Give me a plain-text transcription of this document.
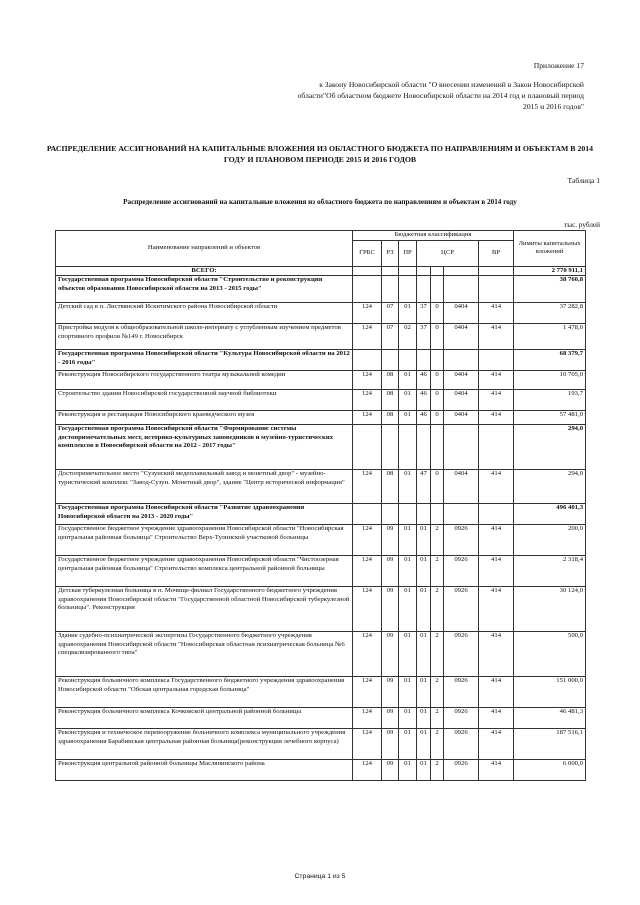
Приложение 17
к Закону Новосибирской области "О внесении изменений в Закон Новосибирской области"Об областном бюджете Новосибирской области на 2014 год и плановый период 2015 и 2016 годов"
РАСПРЕДЕЛЕНИЕ АССИГНОВАНИЙ НА КАПИТАЛЬНЫЕ ВЛОЖЕНИЯ ИЗ ОБЛАСТНОГО БЮДЖЕТА ПО НАПРАВЛЕНИЯМ И ОБЪЕКТАМ В 2014 ГОДУ И ПЛАНОВОМ ПЕРИОДЕ 2015 И 2016 ГОДОВ
Таблица 1
Распределение ассигнований на капитальные вложения из областного бюджета по направлениям и объектам в 2014 году
тыс. рублей
Наименование направлений и объектов	Бюджетная классификация							Лимиты капитальных вложений
	ГРБС	РЗ	ПР	ЦСР			ВР	
ВСЕГО:								2 770 911,1
Государственная программа Новосибирской области "Строительство и реконструкция объектов образования Новосибирской области на 2013 - 2015 годы"								38 760,8
Детский сад в п. Листвянский Искитимского района Новосибирской области	124	07	01	37	0	0404	414	37 282,8
Пристройка модуля к общеобразовательной школе-интернату с углубленным изучением предметов спортивного профиля №149 г. Новосибирск	124	07	02	37	0	0404	414	1 478,0
Государственная программа Новосибирской области "Культура Новосибирской области на 2012 - 2016 годы"								68 379,7
Реконструкция Новосибирского государственного театра музыкальной комедии	124	08	01	46	0	0404	414	10 705,0
Строительство здания Новосибирской государственной научной библиотеки	124	08	01	46	0	0404	414	193,7
Реконструкция и реставрация Новосибирского краеведческого музея	124	08	01	46	0	0404	414	57 481,0
Государственная программа Новосибирской области "Формирование системы достопримечательных мест, историко-культурных заповедников и музейно-туристических комплексов в Новосибирской области на 2012 - 2017 годы"								294,0
Достопримечательное место "Сузунский медеплавильный завод и монетный двор" - музейно-туристический комплекс "Завод-Сузун. Монетный двор", здание "Центр исторической информации"	124	08	01	47	0	0404	414	294,0
Государственная программа Новосибирской области "Развитие здравоохранения Новосибирской области на 2013 - 2020 годы"								496 401,3
Государственное бюджетное учреждение здравоохранения Новосибирской области "Новосибирская центральная районная больница" Строительство Верх-Тулинской участковой больницы	124	09	01	01	2	0926	414	200,0
Государственное бюджетное учреждение здравоохранения Новосибирской области "Чистоозерная центральная районная больница" Строительство комплекса центральной районной больницы	124	09	01	01	2	0926	414	2 318,4
Детская туберкулезная больница в п. Мочище-филиал Государственного бюджетного учреждения здравоохранения Новосибирской области "Государственной областной Новосибирской туберкулезной больницы". Реконструкция	124	09	01	01	2	0926	414	30 124,0
Здание судебно-психиатрической экспертизы Государственного бюджетного учреждения здравоохранения Новосибирской области "Новосибирская областная психиатрическая больница №6 специализированного типа"	124	09	01	01	2	0926	414	500,0
Реконструкция больничного комплекса Государственного бюджетного учреждения здравоохранения Новосибирской области "Обская центральная городская больница"	124	09	01	01	2	0926	414	151 000,0
Реконструкция больничного комплекса Кочковской центральной районной больницы	124	09	01	01	2	0926	414	46 481,3
Реконструкция и техническое перевооружение больничного комплекса муниципального учреждения здравоохранения Барабинская центральная районная больница(реконструкция лечебного корпуса)	124	09	01	01	2	0926	414	187 516,1
Реконструкция центральной районной больницы Маслянинского района	124	09	01	01	2	0926	414	6 000,0
Страница 1 из 5
